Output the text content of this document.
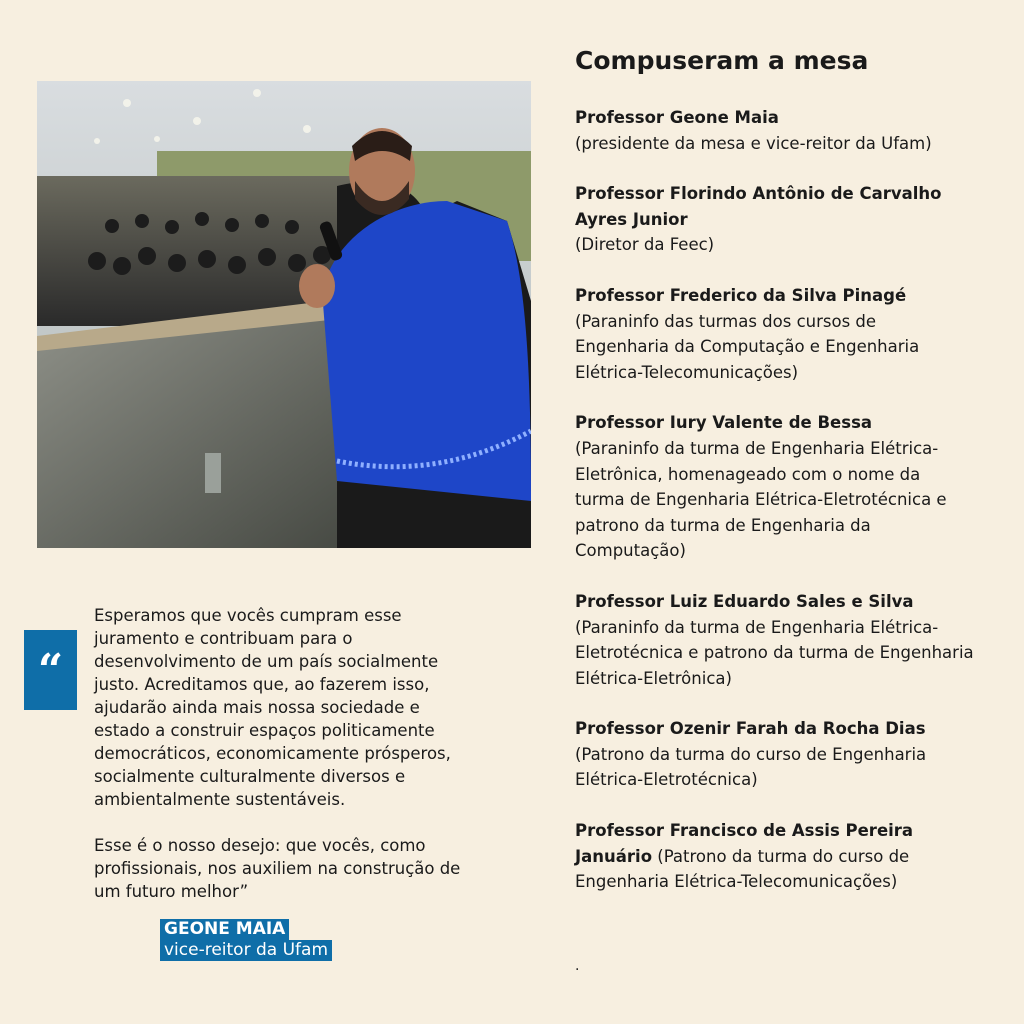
“

Esperamos que vocês cumpram esse juramento e contribuam para o desenvolvimento de um país socialmente justo. Acreditamos que, ao fazerem isso, ajudarão ainda mais nossa sociedade e estado a construir espaços politicamente democráticos, economicamente prósperos, socialmente culturalmente diversos e ambientalmente sustentáveis.

Esse é o nosso desejo: que vocês, como profissionais, nos auxiliem na construção de um futuro melhor”

GEONE MAIA
vice-reitor da Ufam
Compuseram a mesa
Professor Geone Maia
(presidente da mesa e vice-reitor da Ufam)
Professor Florindo Antônio de Carvalho Ayres Junior
(Diretor da Feec)
Professor Frederico da Silva Pinagé
(Paraninfo das turmas dos cursos de Engenharia da Computação e Engenharia Elétrica-Telecomunicações)
Professor Iury Valente de Bessa
(Paraninfo da turma de Engenharia Elétrica-Eletrônica, homenageado com o nome da turma de Engenharia Elétrica-Eletrotécnica e patrono da turma de Engenharia da Computação)
Professor Luiz Eduardo Sales e Silva
(Paraninfo da turma de Engenharia Elétrica-Eletrotécnica e patrono da turma de Engenharia Elétrica-Eletrônica)
Professor Ozenir Farah da Rocha Dias
(Patrono da turma do curso de Engenharia Elétrica-Eletrotécnica)
Professor Francisco de Assis Pereira Januário (Patrono da turma do curso de Engenharia Elétrica-Telecomunicações)
.
